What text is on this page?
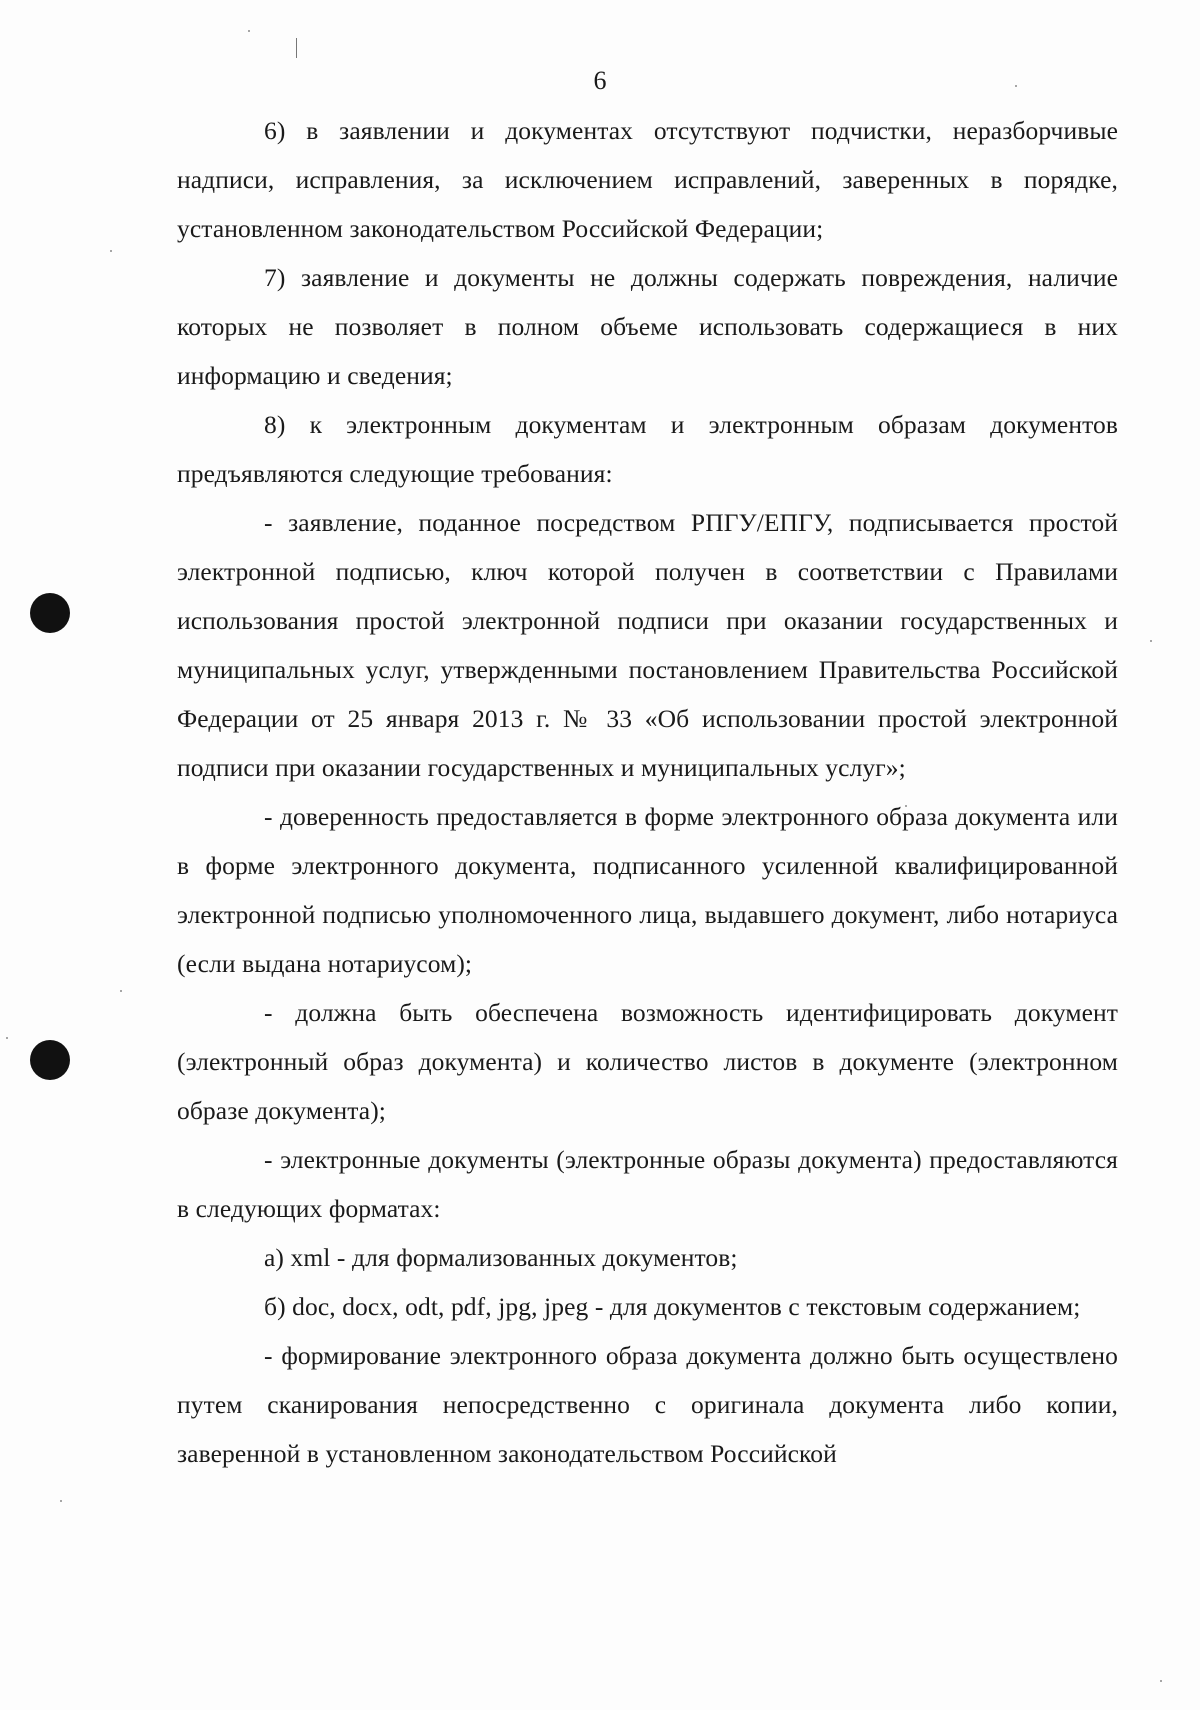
6

6) в заявлении и документах отсутствуют подчистки, неразборчивые надписи, исправления, за исключением исправлений, заверенных в порядке, установленном законодательством Российской Федерации;

7) заявление и документы не должны содержать повреждения, наличие которых не позволяет в полном объеме использовать содержащиеся в них информацию и сведения;

8) к электронным документам и электронным образам документов предъявляются следующие требования:

- заявление, поданное посредством РПГУ/ЕПГУ, подписывается простой электронной подписью, ключ которой получен в соответствии с Правилами использования простой электронной подписи при оказании государственных и муниципальных услуг, утвержденными постановлением Правительства Российской Федерации от 25 января 2013 г. № 33 «Об использовании простой электронной подписи при оказании государственных и муниципальных услуг»;

- доверенность предоставляется в форме электронного образа документа или в форме электронного документа, подписанного усиленной квалифицированной электронной подписью уполномоченного лица, выдавшего документ, либо нотариуса (если выдана нотариусом);

- должна быть обеспечена возможность идентифицировать документ (электронный образ документа) и количество листов в документе (электронном образе документа);

- электронные документы (электронные образы документа) предоставляются в следующих форматах:

а) xml - для формализованных документов;

б) doc, docx, odt, pdf, jpg, jpeg - для документов с текстовым содержанием;

- формирование электронного образа документа должно быть осуществлено путем сканирования непосредственно с оригинала документа либо копии, заверенной в установленном законодательством Российской
